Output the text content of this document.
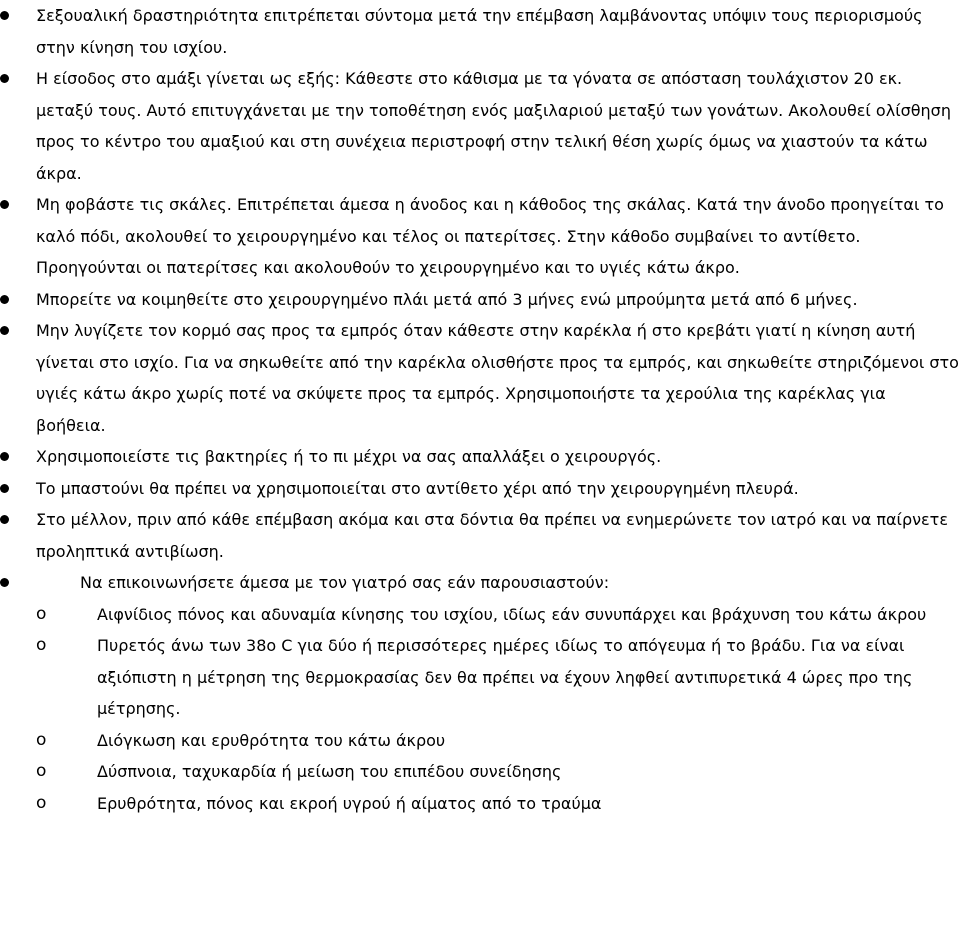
Σεξουαλική δραστηριότητα επιτρέπεται σύντομα μετά την επέμβαση λαμβάνοντας υπόψιν τους περιορισμούς στην κίνηση του ισχίου.
Η είσοδος στο αμάξι γίνεται ως εξής: Κάθεστε στο κάθισμα με τα γόνατα σε απόσταση τουλάχιστον 20 εκ. μεταξύ τους. Αυτό επιτυγχάνεται με την τοποθέτηση ενός μαξιλαριού μεταξύ των γονάτων. Ακολουθεί ολίσθηση προς το κέντρο του αμαξιού και στη συνέχεια περιστροφή στην τελική θέση χωρίς όμως να χιαστούν τα κάτω άκρα.
Μη φοβάστε τις σκάλες. Επιτρέπεται άμεσα η άνοδος και η κάθοδος της σκάλας. Κατά την άνοδο προηγείται το καλό πόδι, ακολουθεί το χειρουργημένο και τέλος οι πατερίτσες. Στην κάθοδο συμβαίνει το αντίθετο. Προηγούνται οι πατερίτσες και ακολουθούν το χειρουργημένο και το υγιές κάτω άκρο.
Μπορείτε να κοιμηθείτε στο χειρουργημένο πλάι μετά από 3 μήνες ενώ μπρούμητα μετά από 6 μήνες.
Μην λυγίζετε τον κορμό σας προς τα εμπρός όταν κάθεστε στην καρέκλα ή στο κρεβάτι γιατί η κίνηση αυτή γίνεται στο ισχίο. Για να σηκωθείτε από την καρέκλα ολισθήστε προς τα εμπρός, και σηκωθείτε στηριζόμενοι στο υγιές κάτω άκρο χωρίς ποτέ να σκύψετε προς τα εμπρός. Χρησιμοποιήστε τα χερούλια της καρέκλας για βοήθεια.
Χρησιμοποιείστε τις βακτηρίες ή το πι μέχρι να σας απαλλάξει ο χειρουργός.
Το μπαστούνι θα πρέπει να χρησιμοποιείται στο αντίθετο χέρι από την χειρουργημένη πλευρά.
Στο μέλλον, πριν από κάθε επέμβαση ακόμα και στα δόντια θα πρέπει να ενημερώνετε τον ιατρό και να παίρνετε προληπτικά αντιβίωση.
Να επικοινωνήσετε άμεσα με τον γιατρό σας εάν παρουσιαστούν:
o	Αιφνίδιος πόνος και αδυναμία κίνησης του ισχίου, ιδίως εάν συνυπάρχει και βράχυνση του κάτω άκρου
o	Πυρετός άνω των 38ο C για δύο ή περισσότερες ημέρες ιδίως το απόγευμα ή το βράδυ. Για να είναι αξιόπιστη η μέτρηση της θερμοκρασίας δεν θα πρέπει να έχουν ληφθεί αντιπυρετικά 4 ώρες προ της μέτρησης.
o	Διόγκωση και ερυθρότητα του κάτω άκρου
o	Δύσπνοια, ταχυκαρδία ή μείωση του επιπέδου συνείδησης
o	Ερυθρότητα, πόνος και εκροή υγρού ή αίματος από το τραύμα
